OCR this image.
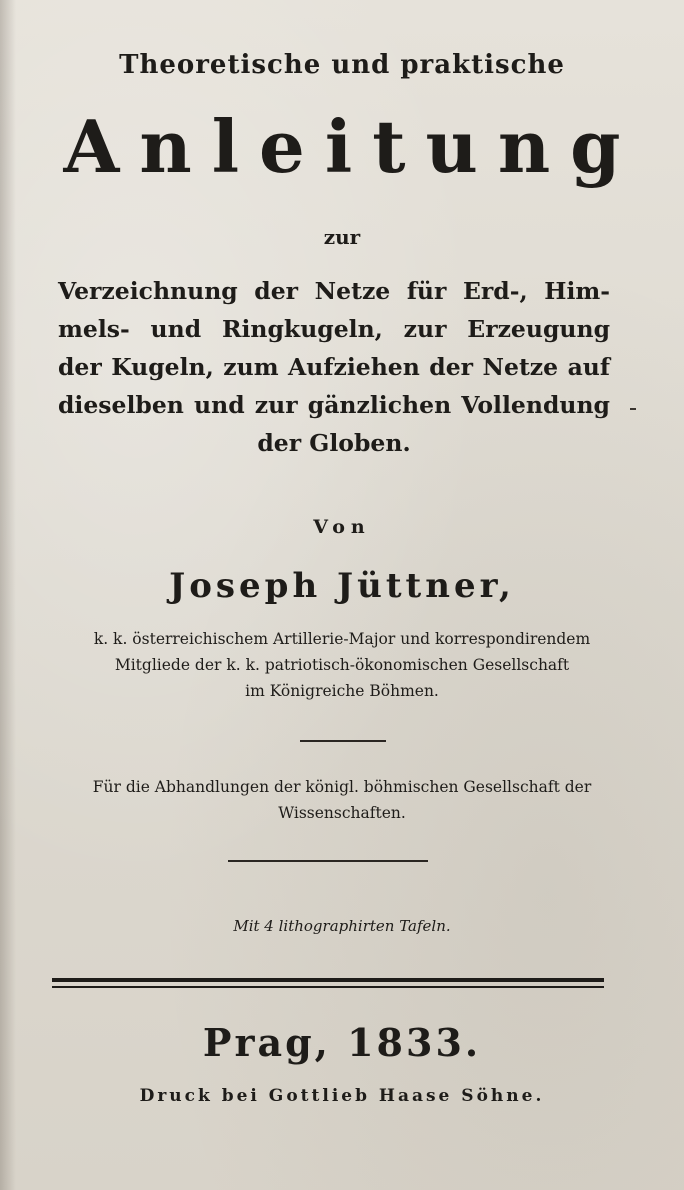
Theoretische und praktische
Anleitung
zur
Verzeichnung der Netze für Erd-, Him-
mels- und Ringkugeln, zur Erzeugung
der Kugeln, zum Aufziehen der Netze auf
dieselben und zur gänzlichen Vollendung
der Globen.
Von
Joseph Jüttner,
k. k. österreichischem Artillerie-Major und korrespondirendem
Mitgliede der k. k. patriotisch-ökonomischen Gesellschaft
im Königreiche Böhmen.
Für die Abhandlungen der königl. böhmischen Gesellschaft der
Wissenschaften.
Mit 4 lithographirten Tafeln.
Prag, 1833.
Druck bei Gottlieb Haase Söhne.
